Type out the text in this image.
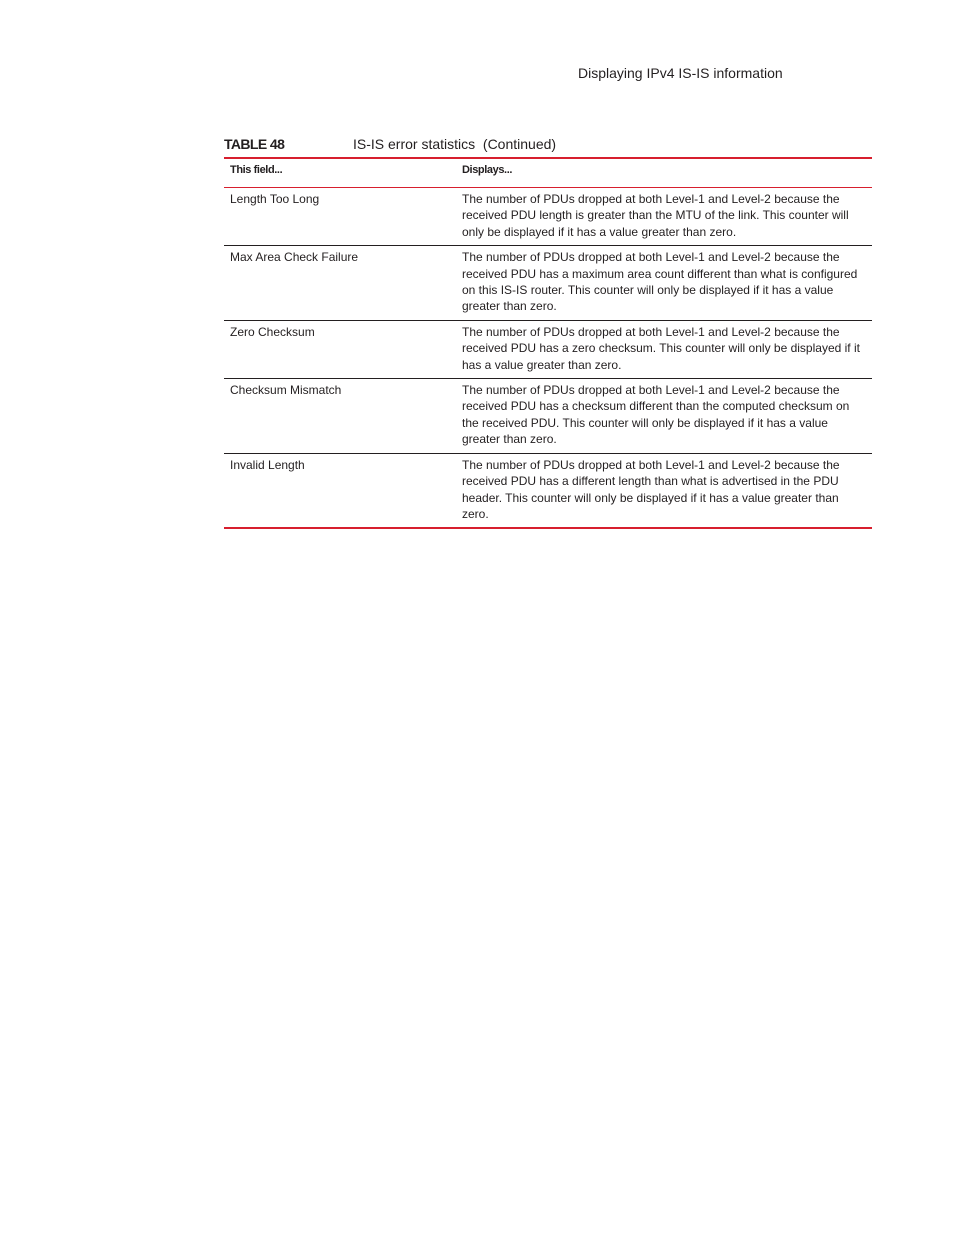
Displaying IPv4 IS-IS information
TABLE 48	IS-IS error statistics  (Continued)
This field...	Displays...
Length Too Long	The number of PDUs dropped at both Level-1 and Level-2 because the received PDU length is greater than the MTU of the link. This counter will only be displayed if it has a value greater than zero.
Max Area Check Failure	The number of PDUs dropped at both Level-1 and Level-2 because the received PDU has a maximum area count different than what is configured on this IS-IS router. This counter will only be displayed if it has a value greater than zero.
Zero Checksum	The number of PDUs dropped at both Level-1 and Level-2 because the received PDU has a zero checksum. This counter will only be displayed if it has a value greater than zero.
Checksum Mismatch	The number of PDUs dropped at both Level-1 and Level-2 because the received PDU has a checksum different than the computed checksum on the received PDU. This counter will only be displayed if it has a value greater than zero.
Invalid Length	The number of PDUs dropped at both Level-1 and Level-2 because the received PDU has a different length than what is advertised in the PDU header. This counter will only be displayed if it has a value greater than zero.
